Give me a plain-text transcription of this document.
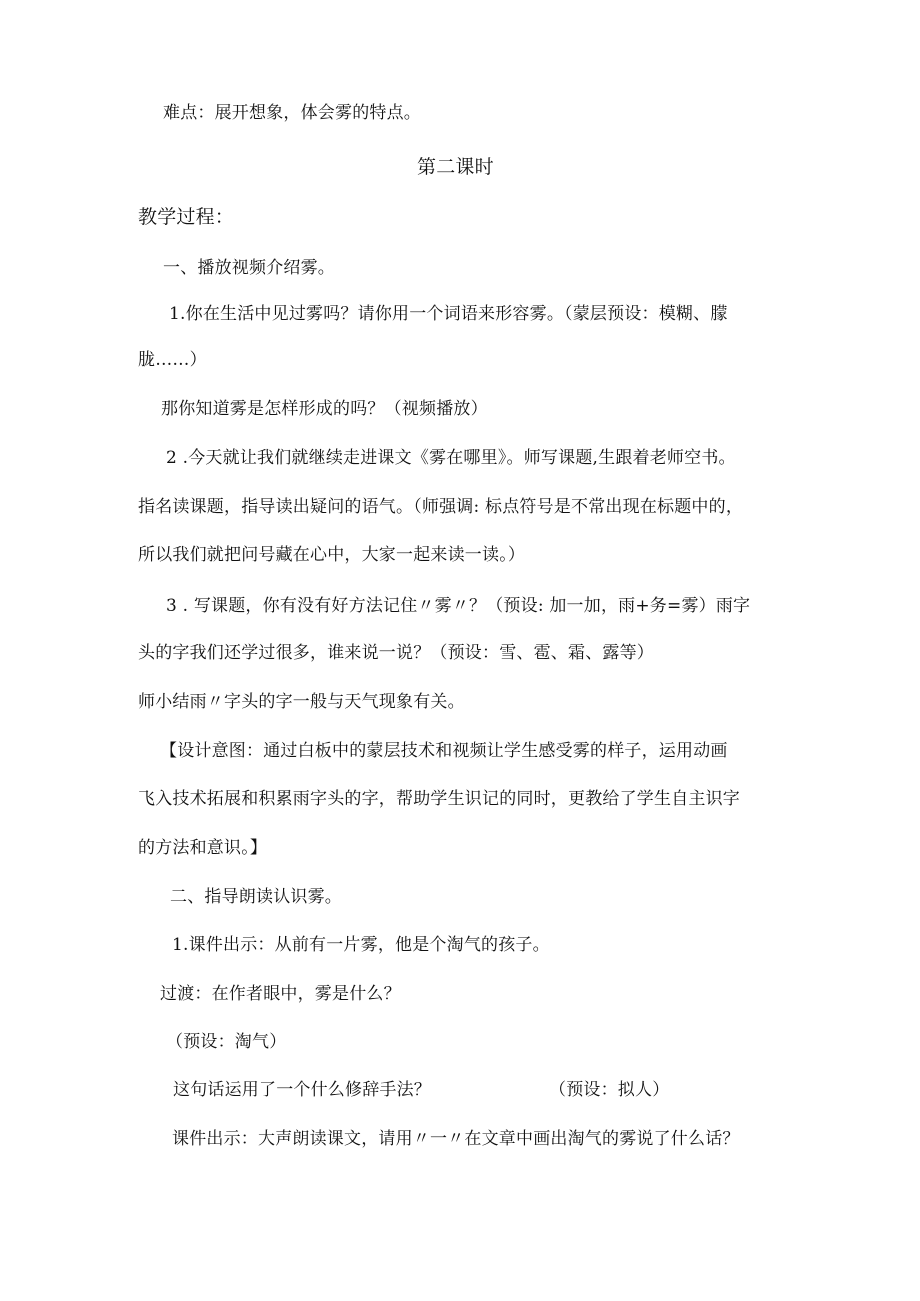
难点：展开想象，体会雾的特点。
第二课时
教学过程：
一、播放视频介绍雾。
1.你在生活中见过雾吗？请你用一个词语来形容雾。（蒙层预设：模糊、朦
胧……）
那你知道雾是怎样形成的吗？（视频播放）
2 .今天就让我们就继续走进课文《雾在哪里》。师写课题,生跟着老师空书。
指名读课题，指导读出疑问的语气。（师强调: 标点符号是不常出现在标题中的，
所以我们就把问号藏在心中，大家一起来读一读。）
3 . 写课题，你有没有好方法记住〃雾〃？（预设: 加一加，雨+务=雾）雨字
头的字我们还学过很多，谁来说一说？（预设：雪、雹、霜、露等）
师小结雨〃字头的字一般与天气现象有关。
【设计意图：通过白板中的蒙层技术和视频让学生感受雾的样子，运用动画
飞入技术拓展和积累雨字头的字，帮助学生识记的同时，更教给了学生自主识字
的方法和意识。】
二、指导朗读认识雾。
1.课件出示：从前有一片雾，他是个淘气的孩子。
过渡：在作者眼中，雾是什么？
（预设：淘气）
这句话运用了一个什么修辞手法？	（预设：拟人）
课件出示：大声朗读课文，请用〃一〃在文章中画出淘气的雾说了什么话？
